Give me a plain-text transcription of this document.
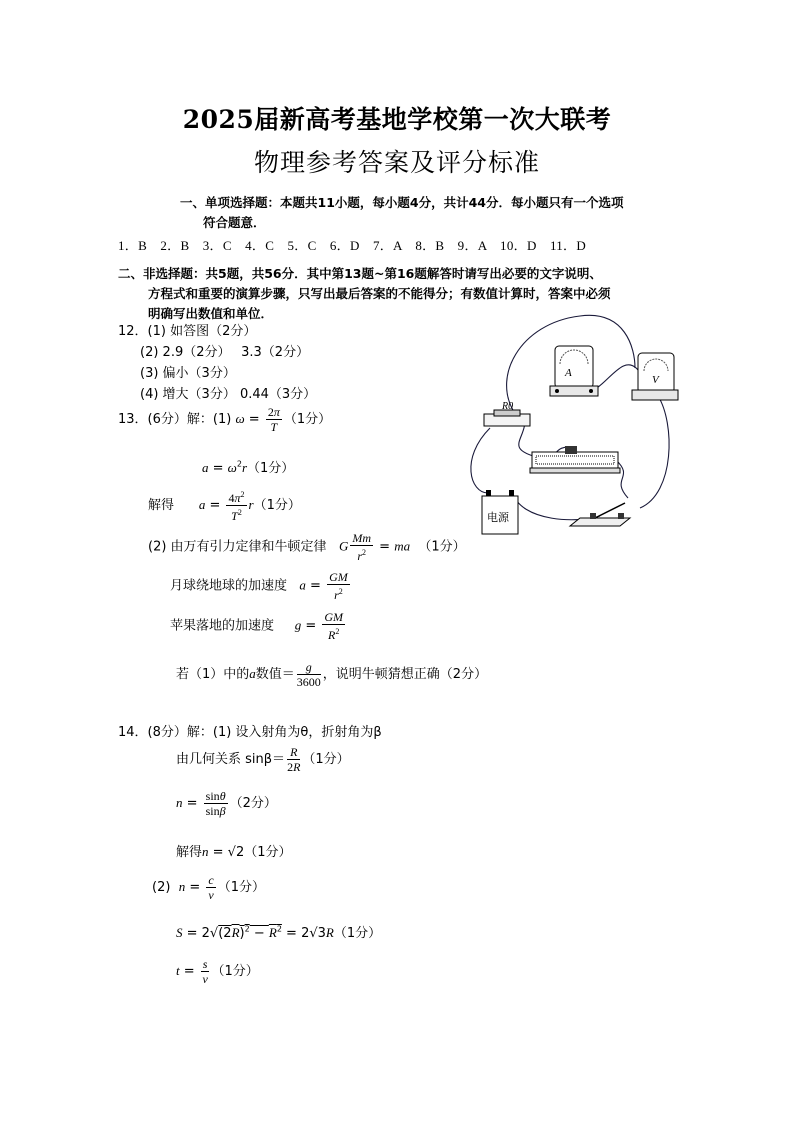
2025届新高考基地学校第一次大联考
物理参考答案及评分标准
一、单项选择题：本题共11小题，每小题4分，共计44分．每小题只有一个选项
符合题意．
1．B　2．B　3．C　4．C　5．C　6．D　7．A　8．B　9．A　10．D　11．D
二、非选择题：共5题，共56分．其中第13题~第16题解答时请写出必要的文字说明、
方程式和重要的演算步骤，只写出最后答案的不能得分；有数值计算时，答案中必须
明确写出数值和单位．
12．(1) 如答图（2分）
(2) 2.9（2分）　 3.3（2分）
(3) 偏小（3分）
(4) 增大（3分） 0.44（3分）
13．(6分）解：(1) $\omega = \frac{2\pi}{T} (1$分）
$a = \omega^2r(1$分）
解得 $a = \frac{4\pi^2}{T^2} r(1$分）
(2) 由万有引力定律和牛顿定律 G $\frac{Mm}{r^2}$ = ma （1分）
月球绕地球的加速度 $a = \frac{GM}{r^2}$
苹果落地的加速度 $g = \frac{GM}{R^2}$
若（1）中的a数值＝ $\frac{g}{3600}$ ，说明牛顿猜想正确（2分）
14．(8分）解：(1) 设入射角为θ，折射角为β
由几何关系 $\sin\beta= \frac{R}{2R} (1$分）
$n = \frac{\sin\theta}{\sin\beta} (2$分）
解得n = √2（1分）
(2) $n = \frac{c}{v} (1$分）
$S = 2√(2R)^2 - R^2 = 2√3R(1$分）
$t = \frac{s}{v} (1$分）
A
V
R0
电源
